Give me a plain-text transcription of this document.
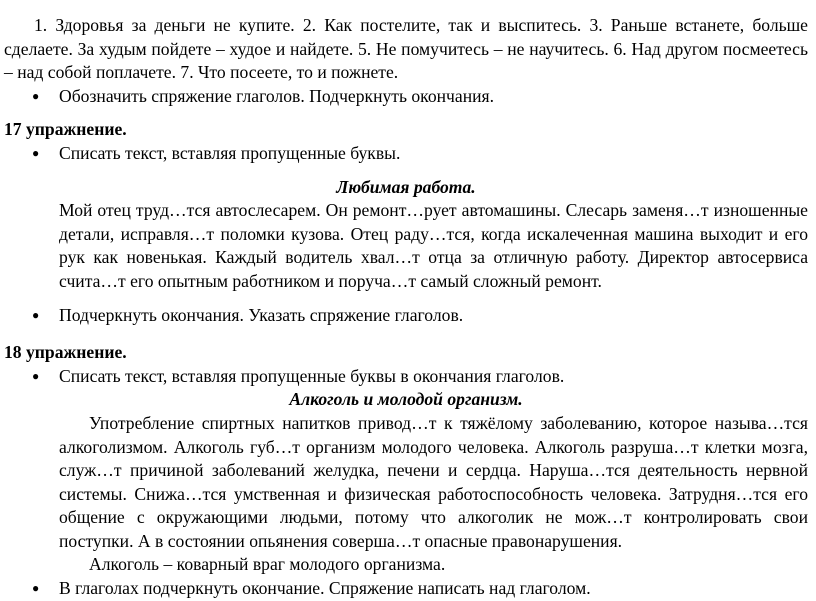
1. Здоровья за деньги не купите. 2. Как постелите, так и выспитесь. 3. Раньше встанете, больше сделаете. За худым пойдете – худое и найдете. 5. Не помучитесь – не научитесь. 6. Над другом посмеетесь – над собой поплачете. 7. Что посеете, то и пожнете.

●	Обозначить спряжение глаголов. Подчеркнуть окончания.

17 упражнение.

●	Списать текст, вставляя пропущенные буквы.

Любимая работа.

Мой отец труд…тся автослесарем. Он ремонт…рует автомашины. Слесарь заменя…т изношенные детали, исправля…т поломки кузова. Отец раду…тся, когда искалеченная машина выходит и его рук как новенькая. Каждый водитель хвал…т отца за отличную работу. Директор автосервиса счита…т его опытным работником и поруча…т самый сложный ремонт.

●	Подчеркнуть окончания. Указать спряжение глаголов.

18 упражнение.

●	Списать текст, вставляя пропущенные буквы в окончания глаголов.

Алкоголь и молодой организм.

Употребление спиртных напитков привод…т к тяжёлому заболеванию, которое называ…тся алкоголизмом. Алкоголь губ…т организм молодого человека. Алкоголь разруша…т клетки мозга, служ…т причиной заболеваний желудка, печени и сердца. Наруша…тся деятельность нервной системы. Снижа…тся умственная и физическая работоспособность человека. Затрудня…тся его общение с окружающими людьми, потому что алкоголик не мож…т контролировать свои поступки. А в состоянии опьянения соверша…т опасные правонарушения.

Алкоголь – коварный враг молодого организма.

●	В глаголах подчеркнуть окончание. Спряжение написать над глаголом.
